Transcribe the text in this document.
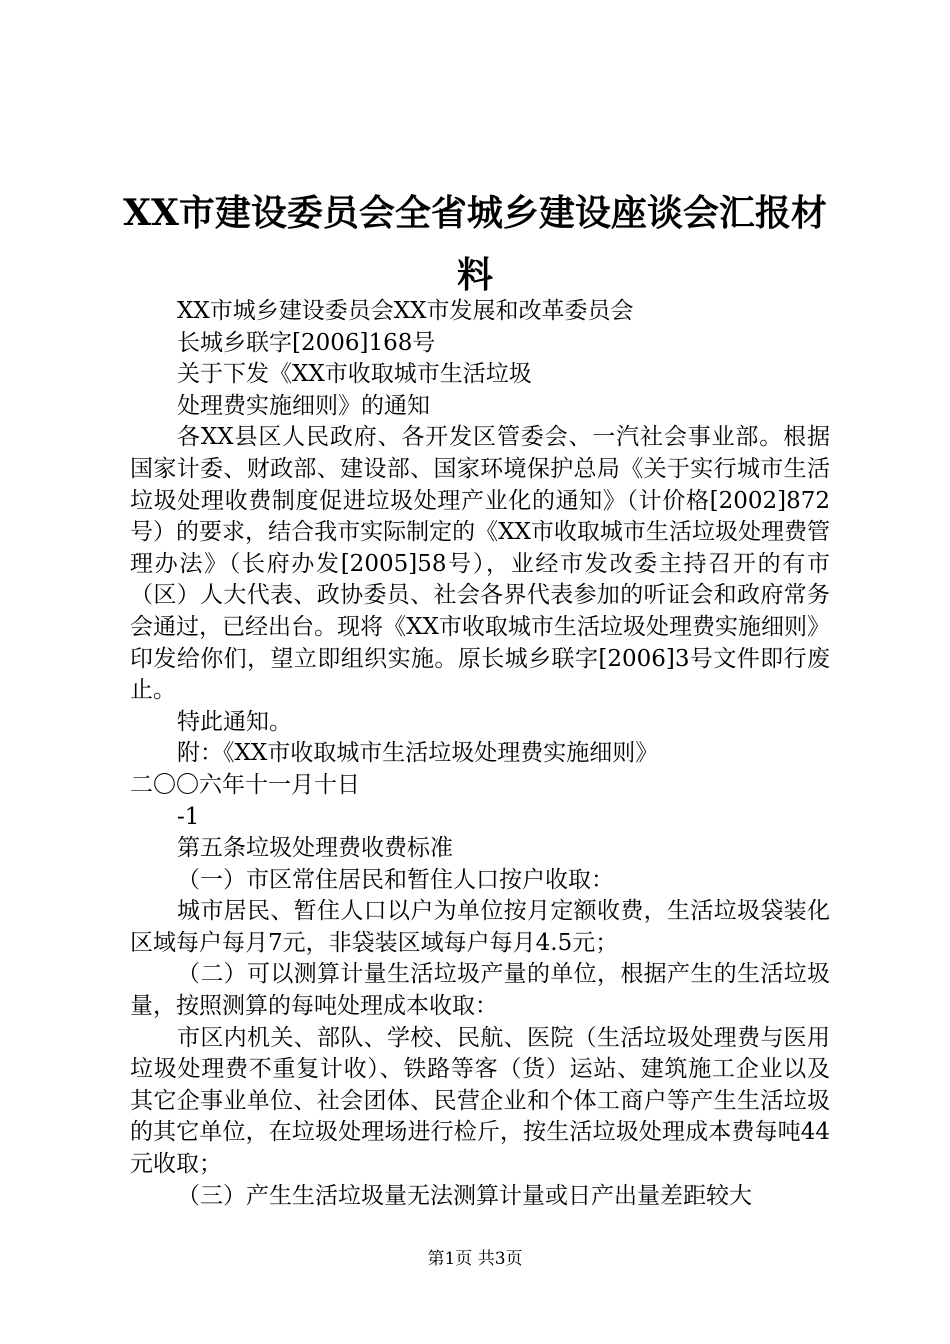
XX市建设委员会全省城乡建设座谈会汇报材料

XX市城乡建设委员会XX市发展和改革委员会

长城乡联字[2006]168号

关于下发《XX市收取城市生活垃圾

处理费实施细则》的通知

各XX县区人民政府、各开发区管委会、一汽社会事业部。根据国家计委、财政部、建设部、国家环境保护总局《关于实行城市生活垃圾处理收费制度促进垃圾处理产业化的通知》（计价格[2002]872号）的要求，结合我市实际制定的《XX市收取城市生活垃圾处理费管理办法》（长府办发[2005]58号），业经市发改委主持召开的有市（区）人大代表、政协委员、社会各界代表参加的听证会和政府常务会通过，已经出台。现将《XX市收取城市生活垃圾处理费实施细则》印发给你们，望立即组织实施。原长城乡联字[2006]3号文件即行废止。

特此通知。

附：《XX市收取城市生活垃圾处理费实施细则》

二〇〇六年十一月十日

-1

第五条垃圾处理费收费标准

（一）市区常住居民和暂住人口按户收取：

城市居民、暂住人口以户为单位按月定额收费，生活垃圾袋装化区域每户每月7元，非袋装区域每户每月4.5元；

（二）可以测算计量生活垃圾产量的单位，根据产生的生活垃圾量，按照测算的每吨处理成本收取：

市区内机关、部队、学校、民航、医院（生活垃圾处理费与医用垃圾处理费不重复计收）、铁路等客（货）运站、建筑施工企业以及其它企事业单位、社会团体、民营企业和个体工商户等产生生活垃圾的其它单位，在垃圾处理场进行检斤，按生活垃圾处理成本费每吨44元收取；

（三）产生生活垃圾量无法测算计量或日产出量差距较大

第1页 共3页
